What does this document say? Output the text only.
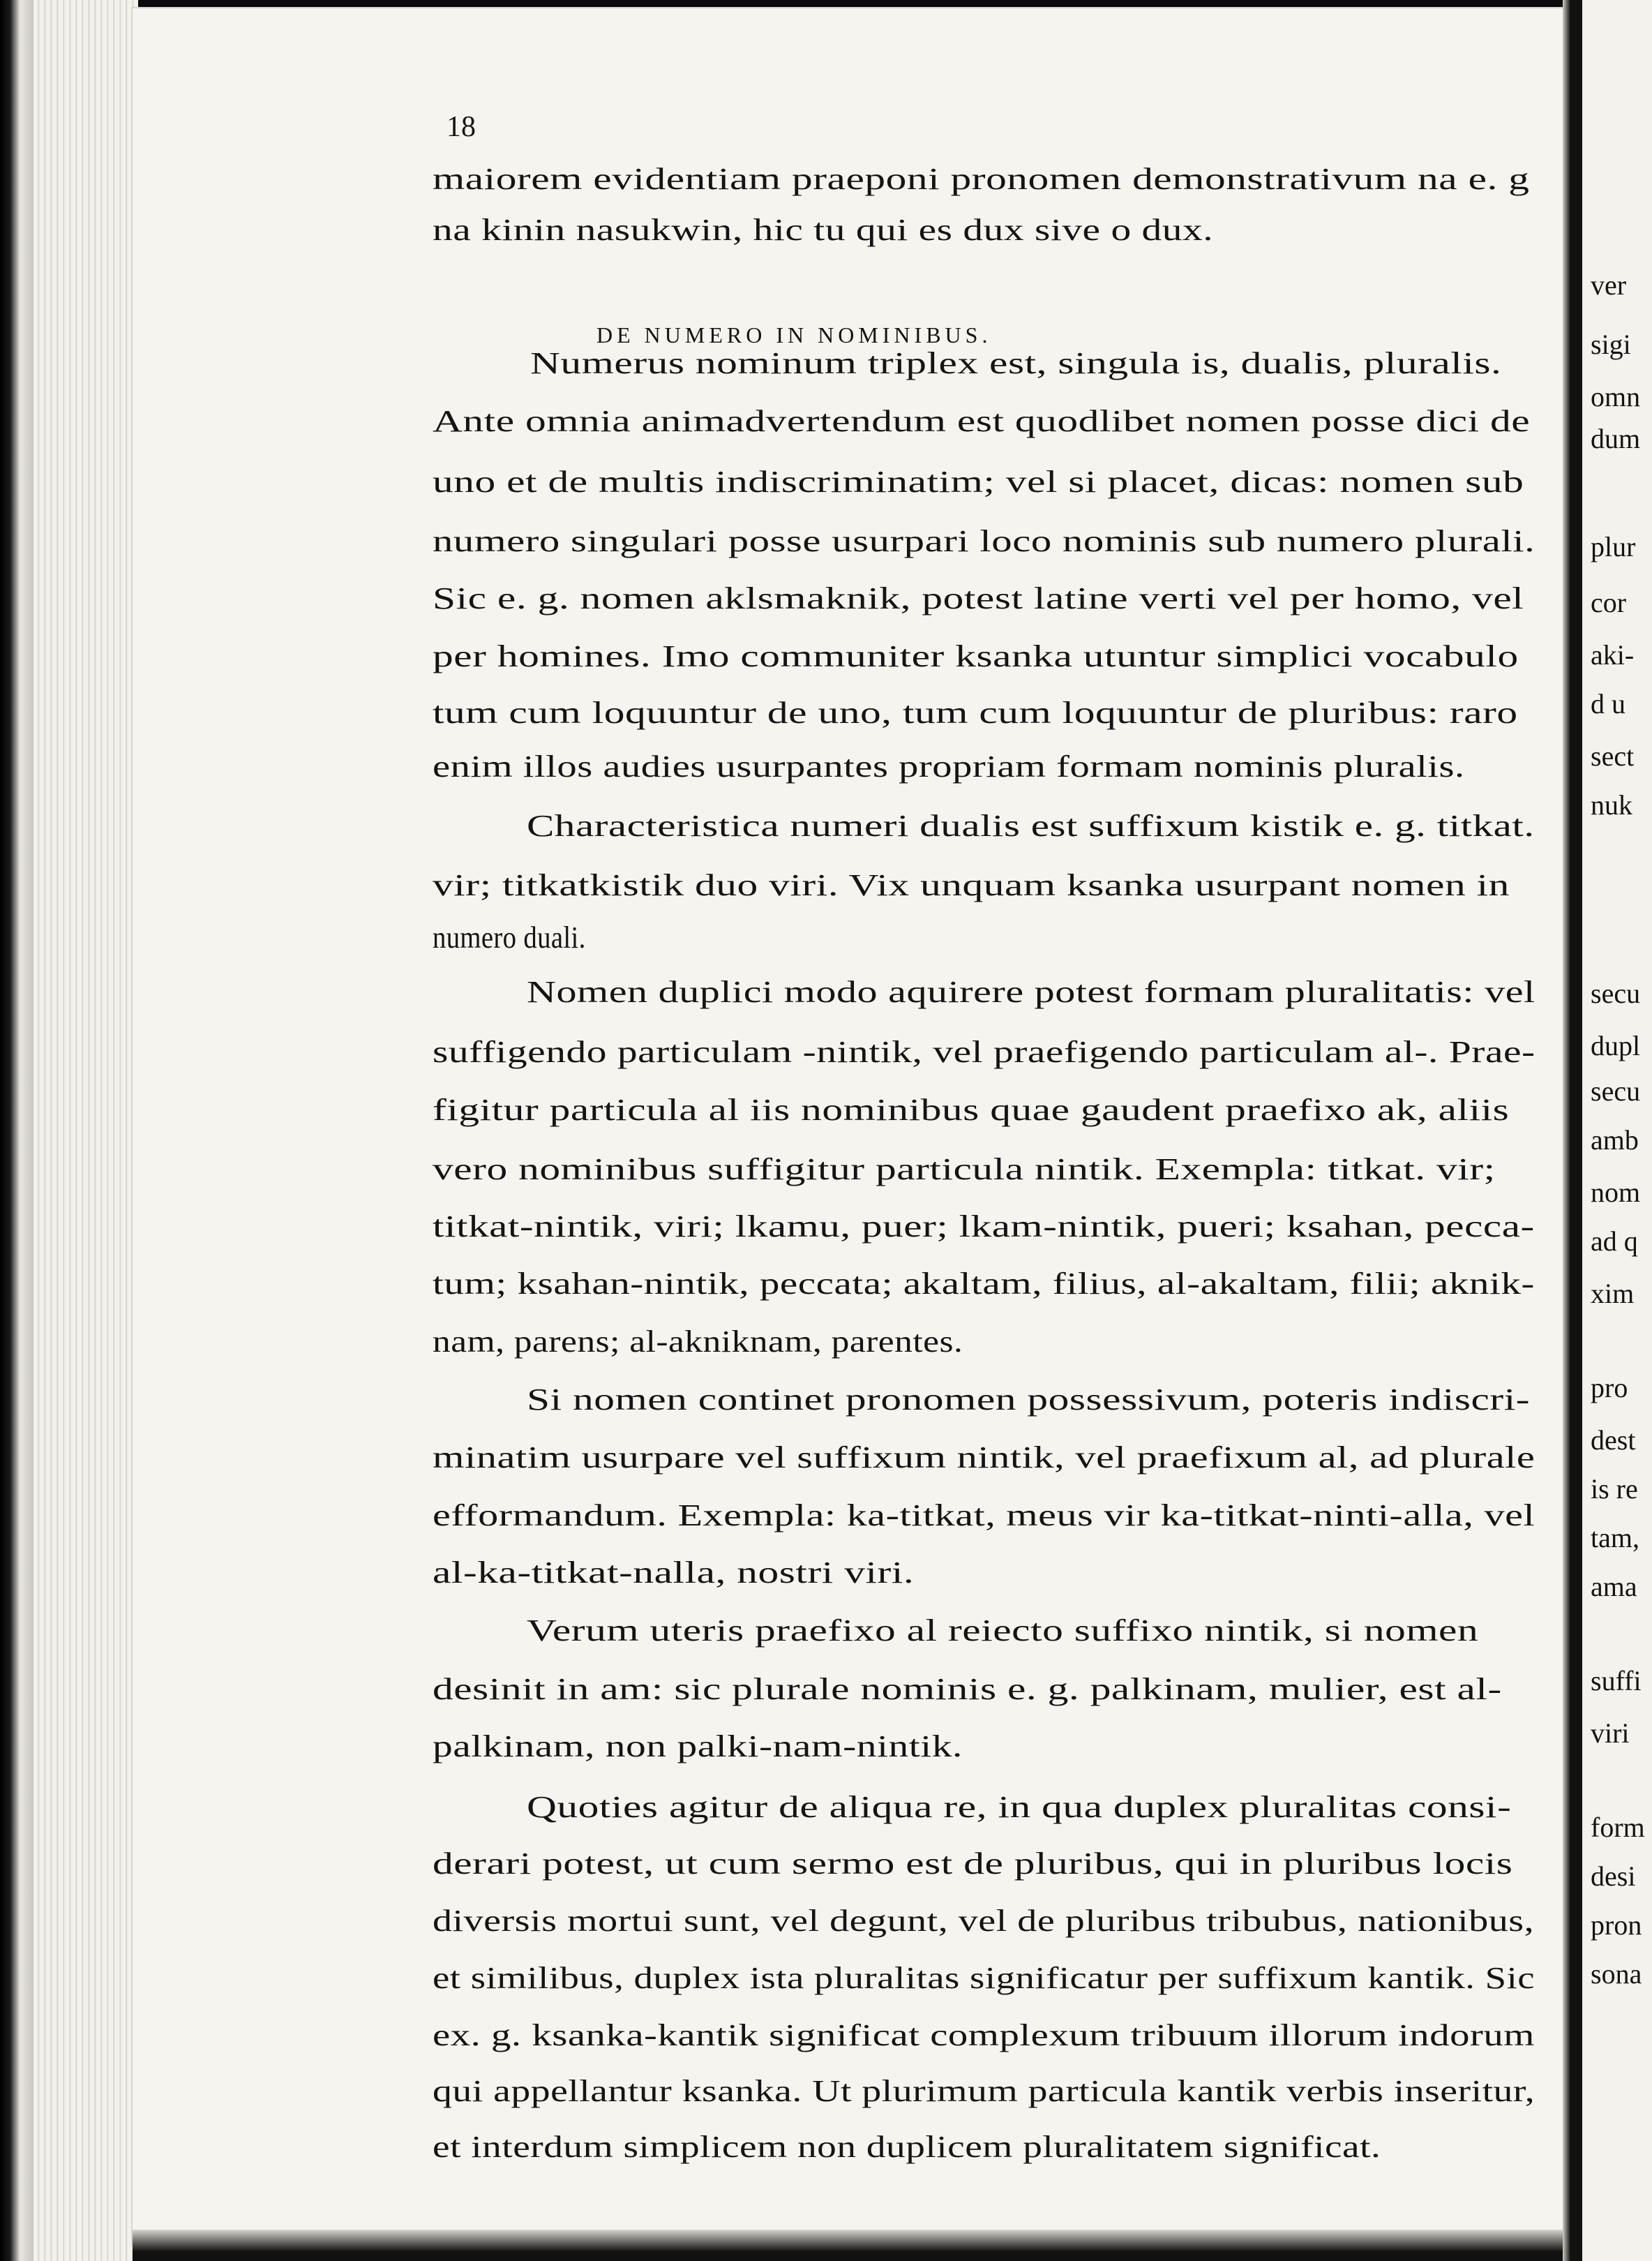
18
DE NUMERO IN NOMINIBUS.
maiorem evidentiam praeponi pronomen demonstrativum na e. g
na kinin nasukwin, hic tu qui es dux sive o dux.
Numerus nominum triplex est, singula is, dualis, pluralis.
Ante omnia animadvertendum est quodlibet nomen posse dici de
uno et de multis indiscriminatim; vel si placet, dicas: nomen sub
numero singulari posse usurpari loco nominis sub numero plurali.
Sic e. g. nomen aklsmaknik, potest latine verti vel per homo, vel
per homines. Imo communiter ksanka utuntur simplici vocabulo
tum cum loquuntur de uno, tum cum loquuntur de pluribus: raro
enim illos audies usurpantes propriam formam nominis pluralis.
Characteristica numeri dualis est suffixum kistik e. g. titkat.
vir; titkatkistik duo viri. Vix unquam ksanka usurpant nomen in
numero duali.
Nomen duplici modo aquirere potest formam pluralitatis: vel
suffigendo particulam -nintik, vel praefigendo particulam al-. Prae-
figitur particula al iis nominibus quae gaudent praefixo ak, aliis
vero nominibus suffigitur particula nintik. Exempla: titkat. vir;
titkat-nintik, viri; lkamu, puer; lkam-nintik, pueri; ksahan, pecca-
tum; ksahan-nintik, peccata; akaltam, filius, al-akaltam, filii; aknik-
nam, parens; al-akniknam, parentes.
Si nomen continet pronomen possessivum, poteris indiscri-
minatim usurpare vel suffixum nintik, vel praefixum al, ad plurale
efformandum. Exempla: ka-titkat, meus vir ka-titkat-ninti-alla, vel
al-ka-titkat-nalla, nostri viri.
Verum uteris praefixo al reiecto suffixo nintik, si nomen
desinit in am: sic plurale nominis e. g. palkinam, mulier, est al-
palkinam, non palki-nam-nintik.
Quoties agitur de aliqua re, in qua duplex pluralitas consi-
derari potest, ut cum sermo est de pluribus, qui in pluribus locis
diversis mortui sunt, vel degunt, vel de pluribus tribubus, nationibus,
et similibus, duplex ista pluralitas significatur per suffixum kantik. Sic
ex. g. ksanka-kantik significat complexum tribuum illorum indorum
qui appellantur ksanka. Ut plurimum particula kantik verbis inseritur,
et interdum simplicem non duplicem pluralitatem significat.
ver
sigi
omn
dum
plur
cor
aki-
d u
sect
nuk
secu
dupl
secu
amb
nom
ad q
xim
pro
dest
is re
tam,
ama
suffi
viri
form
desi
pron
sona
